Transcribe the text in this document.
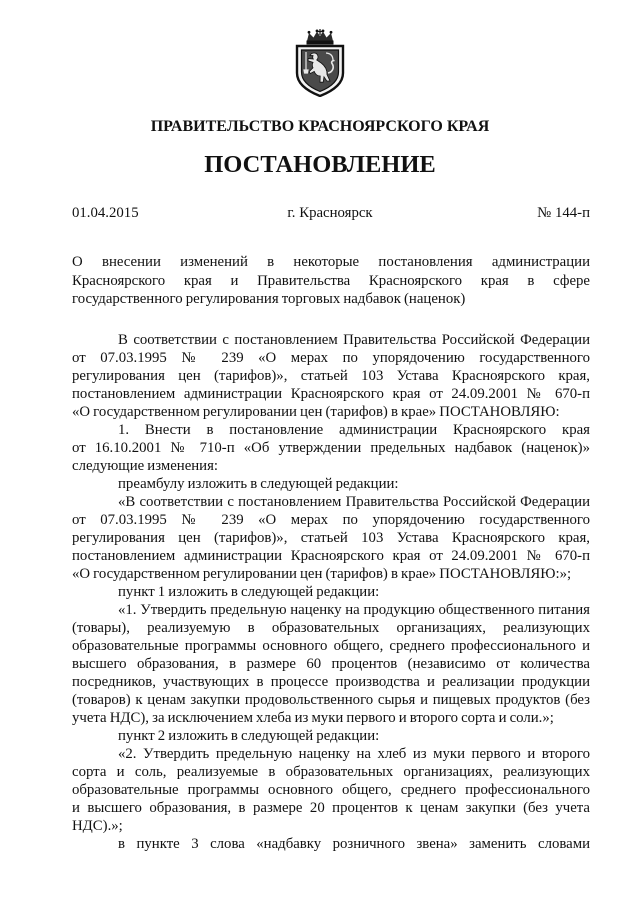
ПРАВИТЕЛЬСТВО КРАСНОЯРСКОГО КРАЯ
ПОСТАНОВЛЕНИЕ
01.04.2015	г. Красноярск	№ 144-п
О внесении изменений в некоторые постановления администрации
Красноярского края и Правительства Красноярского края в сфере
государственного регулирования торговых надбавок (наценок)
В соответствии с постановлением Правительства Российской Федерации
от 07.03.1995 № 239 «О мерах по упорядочению государственного
регулирования цен (тарифов)», статьей 103 Устава Красноярского края,
постановлением администрации Красноярского края от 24.09.2001 № 670-п
«О государственном регулировании цен (тарифов) в крае» ПОСТАНОВЛЯЮ:
1. Внести в постановление администрации Красноярского края
от 16.10.2001 № 710-п «Об утверждении предельных надбавок (наценок)»
следующие изменения:
преамбулу изложить в следующей редакции:
«В соответствии с постановлением Правительства Российской Федерации
от 07.03.1995 № 239 «О мерах по упорядочению государственного
регулирования цен (тарифов)», статьей 103 Устава Красноярского края,
постановлением администрации Красноярского края от 24.09.2001 № 670-п
«О государственном регулировании цен (тарифов) в крае» ПОСТАНОВЛЯЮ:»;
пункт 1 изложить в следующей редакции:
«1. Утвердить предельную наценку на продукцию общественного питания
(товары), реализуемую в образовательных организациях, реализующих
образовательные программы основного общего, среднего профессионального и
высшего образования, в размере 60 процентов (независимо от количества
посредников, участвующих в процессе производства и реализации продукции
(товаров) к ценам закупки продовольственного сырья и пищевых продуктов (без
учета НДС), за исключением хлеба из муки первого и второго сорта и соли.»;
пункт 2 изложить в следующей редакции:
«2. Утвердить предельную наценку на хлеб из муки первого и второго
сорта и соль, реализуемые в образовательных организациях, реализующих
образовательные программы основного общего, среднего профессионального
и высшего образования, в размере 20 процентов к ценам закупки (без учета
НДС).»;
в пункте 3 слова «надбавку розничного звена» заменить словами
